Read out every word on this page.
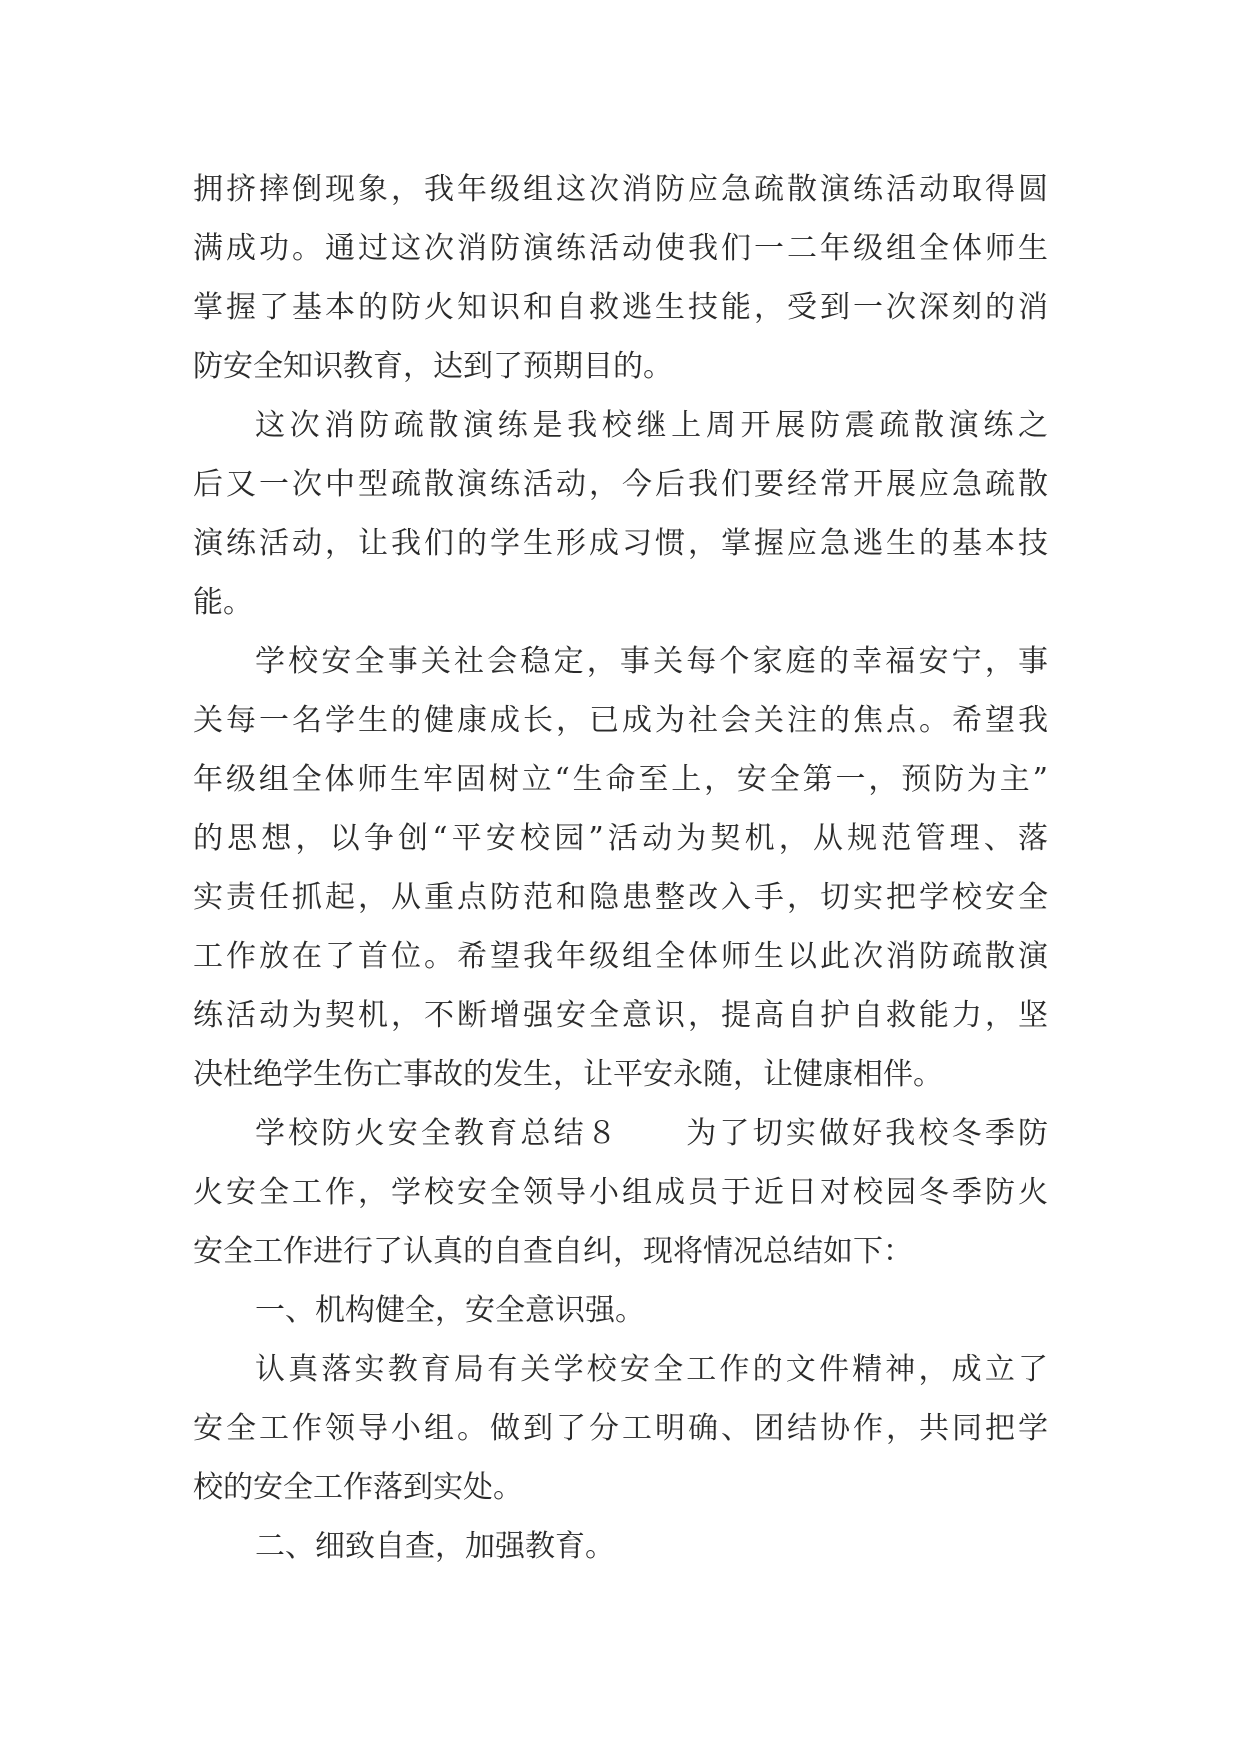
拥挤摔倒现象，我年级组这次消防应急疏散演练活动取得圆
满成功。通过这次消防演练活动使我们一二年级组全体师生
掌握了基本的防火知识和自救逃生技能，受到一次深刻的消
防安全知识教育，达到了预期目的。
这次消防疏散演练是我校继上周开展防震疏散演练之
后又一次中型疏散演练活动，今后我们要经常开展应急疏散
演练活动，让我们的学生形成习惯，掌握应急逃生的基本技
能。
学校安全事关社会稳定，事关每个家庭的幸福安宁，事
关每一名学生的健康成长，已成为社会关注的焦点。希望我
年级组全体师生牢固树立“生命至上，安全第一，预防为主”
的思想，以争创“平安校园”活动为契机，从规范管理、落
实责任抓起，从重点防范和隐患整改入手，切实把学校安全
工作放在了首位。希望我年级组全体师生以此次消防疏散演
练活动为契机，不断增强安全意识，提高自护自救能力，坚
决杜绝学生伤亡事故的发生，让平安永随，让健康相伴。
学校防火安全教育总结８　　为了切实做好我校冬季防
火安全工作，学校安全领导小组成员于近日对校园冬季防火
安全工作进行了认真的自查自纠，现将情况总结如下：
一、机构健全，安全意识强。
认真落实教育局有关学校安全工作的文件精神，成立了
安全工作领导小组。做到了分工明确、团结协作，共同把学
校的安全工作落到实处。
二、细致自查，加强教育。
